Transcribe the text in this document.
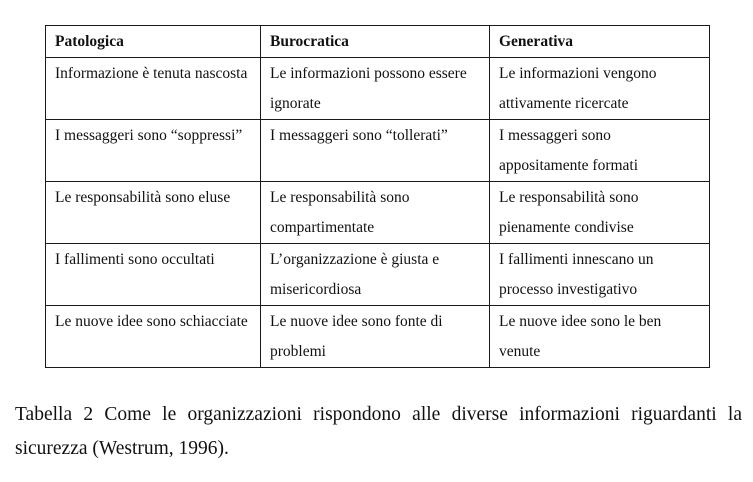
Patologica	Burocratica	Generativa

Informazione è tenuta nascosta	Le informazioni possono essere ignorate	Le informazioni vengono attivamente ricercate

I messaggeri sono “soppressi”	I messaggeri sono “tollerati”	I messaggeri sono appositamente formati

Le responsabilità sono eluse	Le responsabilità sono compartimentate	Le responsabilità sono pienamente condivise

I fallimenti sono occultati	L’organizzazione è giusta e misericordiosa	I fallimenti innescano un processo investigativo

Le nuove idee sono schiacciate	Le nuove idee sono fonte di problemi	Le nuove idee sono le ben venute

Tabella 2 Come le organizzazioni rispondono alle diverse informazioni riguardanti la sicurezza (Westrum, 1996).
